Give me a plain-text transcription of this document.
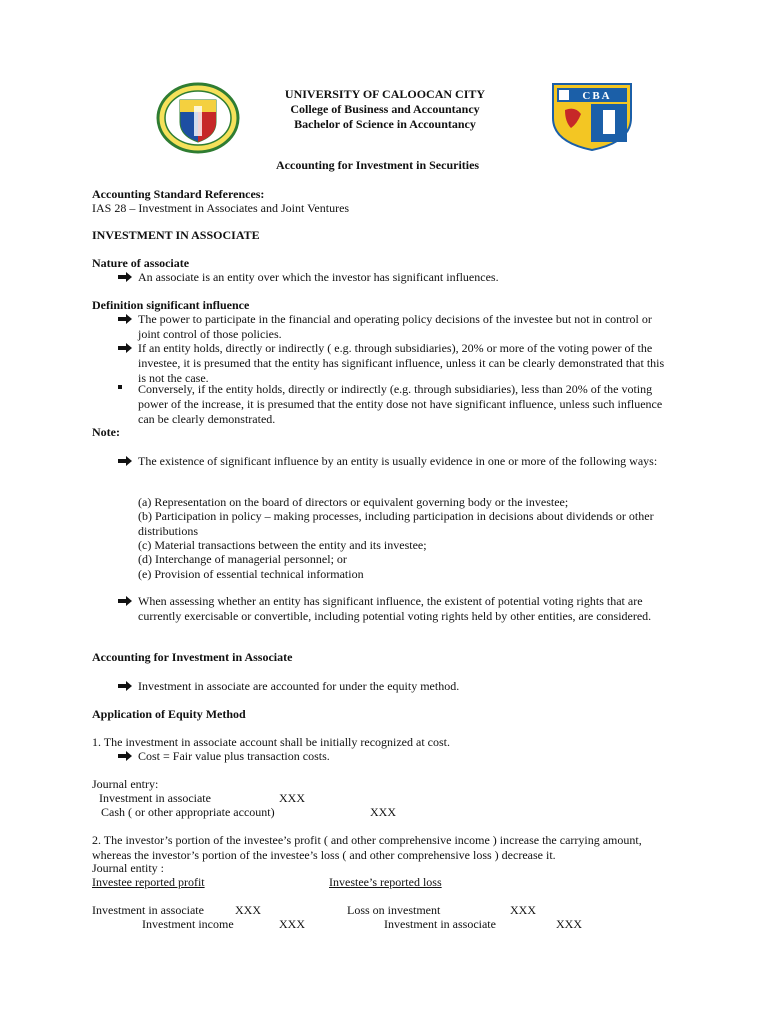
CBA
UNIVERSITY OF CALOOCAN CITY
College of Business and Accountancy
Bachelor of Science in Accountancy
Accounting for Investment in Securities
Accounting Standard References:
IAS 28 – Investment in Associates and Joint Ventures
INVESTMENT IN ASSOCIATE
Nature of associate
An associate is an entity over which the investor has significant influences.
Definition significant influence
The power to participate in the financial and operating policy decisions of the investee but not in control or joint control of those policies.
If an entity holds, directly or indirectly ( e.g. through subsidiaries), 20% or more of the voting power of the investee, it is presumed that the entity has significant influence, unless it can be clearly demonstrated that this is not the case.
Conversely, if the entity holds, directly or indirectly (e.g. through subsidiaries), less than 20% of the voting power of the increase, it is presumed that the entity dose not have significant influence, unless such influence can be clearly demonstrated.
Note:
The existence of significant influence by an entity is usually evidence in one or more of the following ways:
(a) Representation on the board of directors or equivalent governing body or the investee;
(b) Participation in policy – making processes, including participation in decisions about dividends or other distributions
(c) Material transactions between the entity and its investee;
(d) Interchange of managerial personnel; or
(e) Provision of essential technical information
When assessing whether an entity has significant influence, the existent of potential voting rights that are currently exercisable or convertible, including potential voting rights held by other entities, are considered.
Accounting for Investment in Associate
Investment in associate are accounted for under the equity method.
Application of Equity Method
1. The investment in associate account shall be initially recognized at cost.
Cost = Fair value plus transaction costs.
Journal entry:
Investment in associate	XXX
Cash ( or other appropriate account)	XXX
2. The investor’s portion of the investee’s profit ( and other comprehensive income ) increase the carrying amount, whereas the investor’s portion of the investee’s loss ( and other comprehensive loss ) decrease it.
Journal entity :
Investee reported profit	Investee’s reported loss
Investment in associate	XXX
Investment income	XXX
Loss on investment	XXX
Investment in associate	XXX
